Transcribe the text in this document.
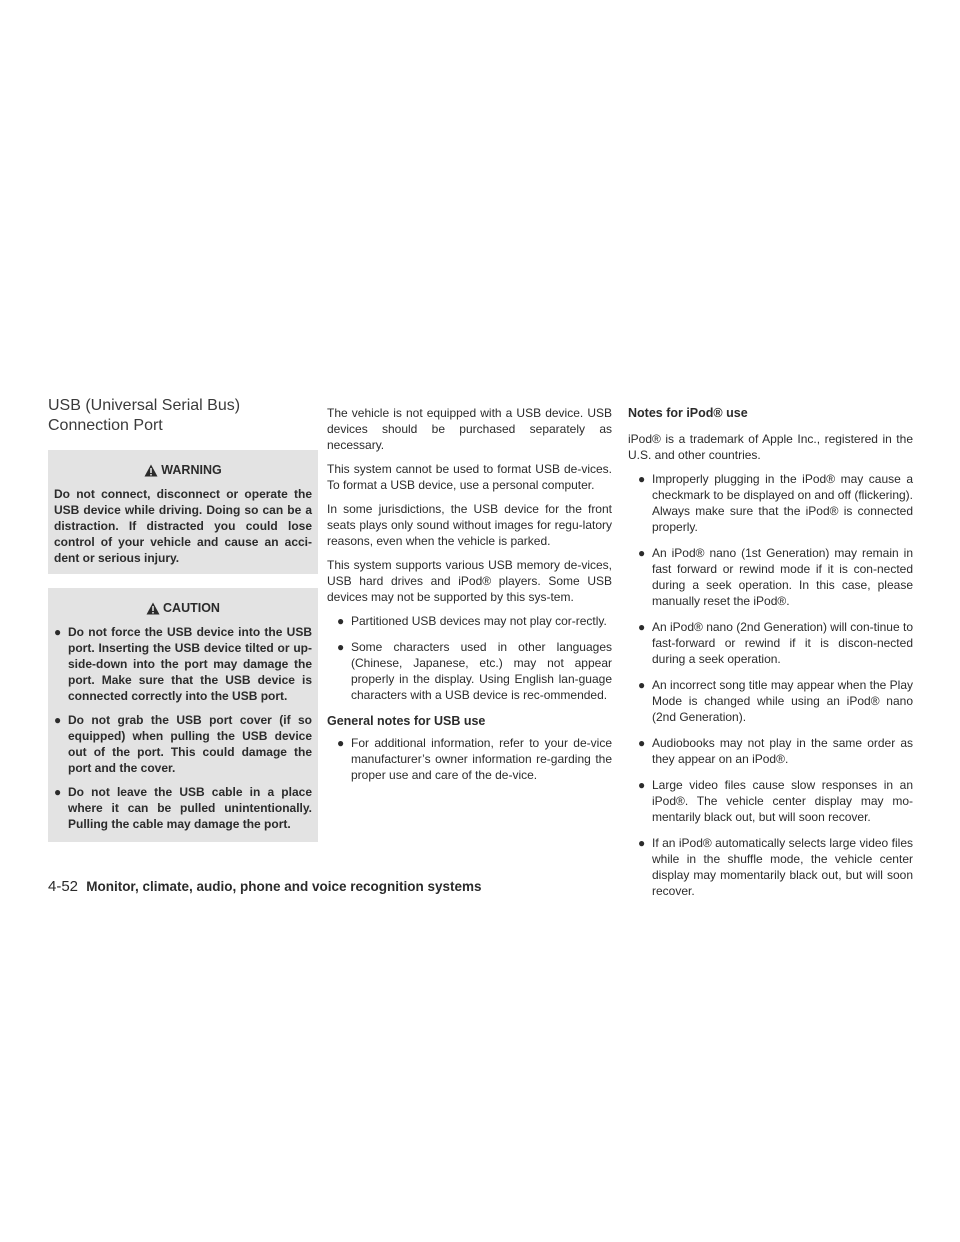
USB (Universal Serial Bus)
Connection Port
WARNING
Do not connect, disconnect or operate the USB device while driving. Doing so can be a distraction. If distracted you could lose control of your vehicle and cause an acci-dent or serious injury.
CAUTION
● Do not force the USB device into the USB port. Inserting the USB device tilted or up-side-down into the port may damage the port. Make sure that the USB device is connected correctly into the USB port.
● Do not grab the USB port cover (if so equipped) when pulling the USB device out of the port. This could damage the port and the cover.
● Do not leave the USB cable in a place where it can be pulled unintentionally. Pulling the cable may damage the port.

The vehicle is not equipped with a USB device. USB devices should be purchased separately as necessary.

This system cannot be used to format USB de-vices. To format a USB device, use a personal computer.

In some jurisdictions, the USB device for the front seats plays only sound without images for regu-latory reasons, even when the vehicle is parked.

This system supports various USB memory de-vices, USB hard drives and iPod® players. Some USB devices may not be supported by this sys-tem.

● Partitioned USB devices may not play cor-rectly.
● Some characters used in other languages (Chinese, Japanese, etc.) may not appear properly in the display. Using English lan-guage characters with a USB device is rec-ommended.
General notes for USB use
● For additional information, refer to your de-vice manufacturer’s owner information re-garding the proper use and care of the de-vice.
Notes for iPod® use

iPod® is a trademark of Apple Inc., registered in the U.S. and other countries.

● Improperly plugging in the iPod® may cause a checkmark to be displayed on and off (flickering). Always make sure that the iPod® is connected properly.
● An iPod® nano (1st Generation) may remain in fast forward or rewind mode if it is con-nected during a seek operation. In this case, please manually reset the iPod®.
● An iPod® nano (2nd Generation) will con-tinue to fast-forward or rewind if it is discon-nected during a seek operation.
● An incorrect song title may appear when the Play Mode is changed while using an iPod® nano (2nd Generation).
● Audiobooks may not play in the same order as they appear on an iPod®.
● Large video files cause slow responses in an iPod®. The vehicle center display may mo-mentarily black out, but will soon recover.
● If an iPod® automatically selects large video files while in the shuffle mode, the vehicle center display may momentarily black out, but will soon recover.
4-52 Monitor, climate, audio, phone and voice recognition systems
